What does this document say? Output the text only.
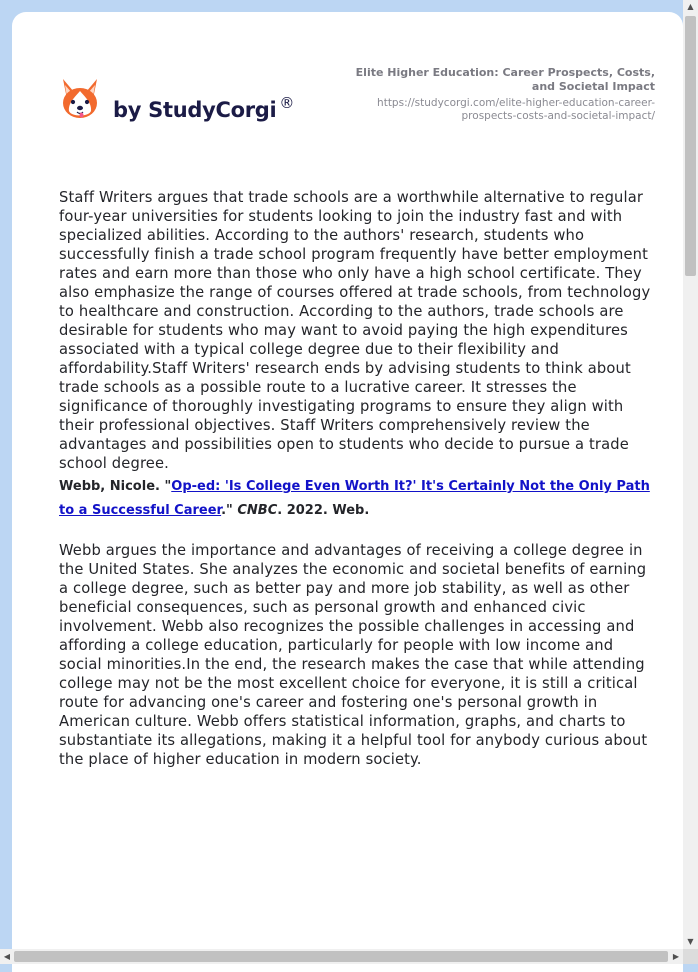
by StudyCorgi ®
Elite Higher Education: Career Prospects, Costs, and Societal Impact
https://studycorgi.com/elite-higher-education-career-prospects-costs-and-societal-impact/

Staff Writers argues that trade schools are a worthwhile alternative to regular four-year universities for students looking to join the industry fast and with specialized abilities. According to the authors' research, students who successfully finish a trade school program frequently have better employment rates and earn more than those who only have a high school certificate. They also emphasize the range of courses offered at trade schools, from technology to healthcare and construction. According to the authors, trade schools are desirable for students who may want to avoid paying the high expenditures associated with a typical college degree due to their flexibility and affordability.Staff Writers' research ends by advising students to think about trade schools as a possible route to a lucrative career. It stresses the significance of thoroughly investigating programs to ensure they align with their professional objectives. Staff Writers comprehensively review the advantages and possibilities open to students who decide to pursue a trade school degree.

Webb, Nicole. "Op-ed: 'Is College Even Worth It?' It's Certainly Not the Only Path to a Successful Career." CNBC. 2022. Web.

Webb argues the importance and advantages of receiving a college degree in the United States. She analyzes the economic and societal benefits of earning a college degree, such as better pay and more job stability, as well as other beneficial consequences, such as personal growth and enhanced civic involvement. Webb also recognizes the possible challenges in accessing and affording a college education, particularly for people with low income and social minorities.In the end, the research makes the case that while attending college may not be the most excellent choice for everyone, it is still a critical route for advancing one's career and fostering one's personal growth in American culture. Webb offers statistical information, graphs, and charts to substantiate its allegations, making it a helpful tool for anybody curious about the place of higher education in modern society.

▲
▼
◀	▶
